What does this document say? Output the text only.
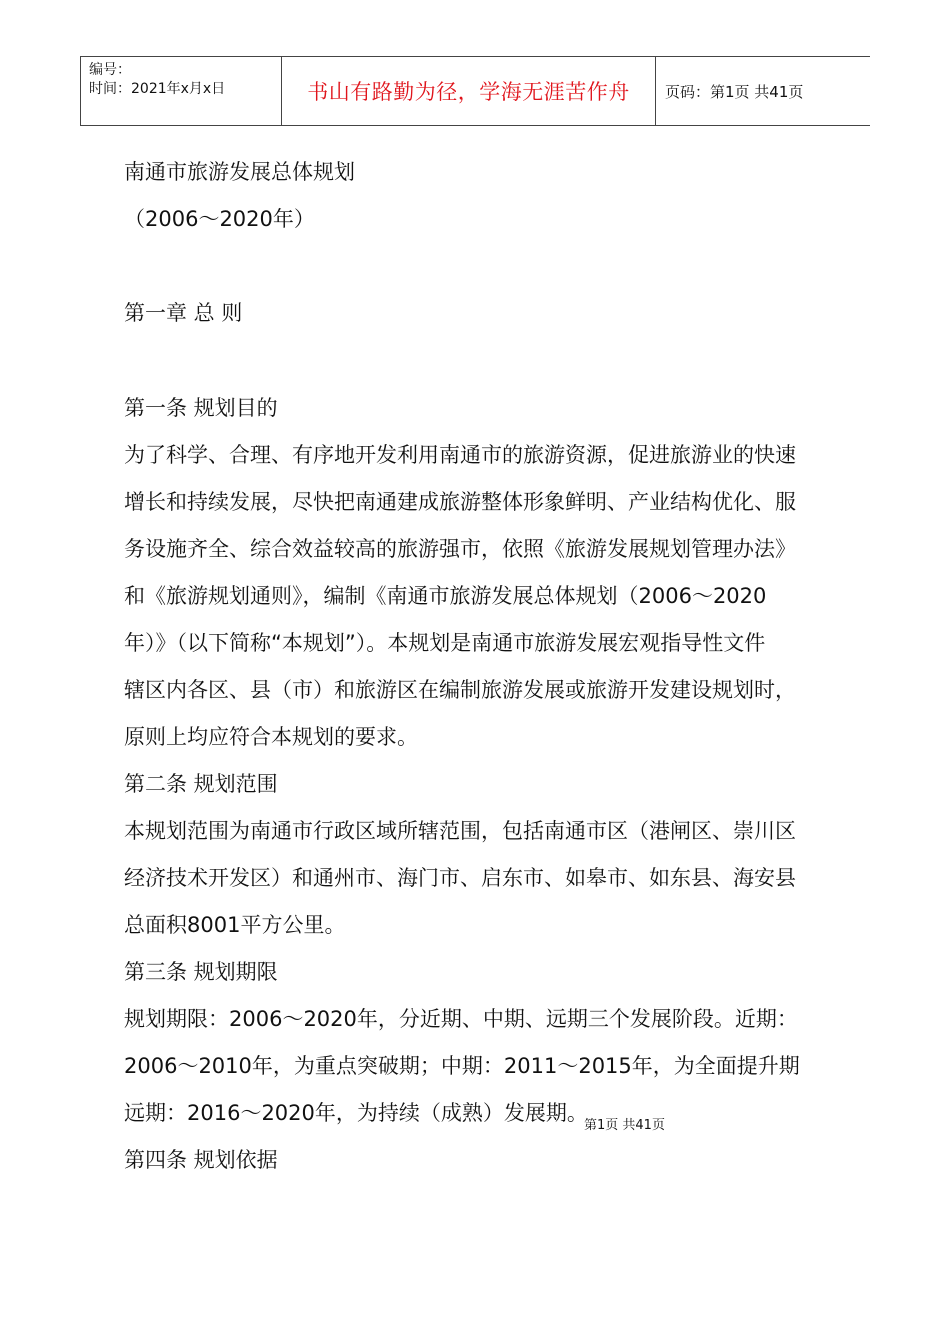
编号：
时间：2021年x月x日	书山有路勤为径，学海无涯苦作舟 页码：第1页 共41页
南通市旅游发展总体规划
（2006～2020年）
第一章 总 则
第一条 规划目的
为了科学、合理、有序地开发利用南通市的旅游资源，促进旅游业的快速
增长和持续发展，尽快把南通建成旅游整体形象鲜明、产业结构优化、服
务设施齐全、综合效益较高的旅游强市，依照《旅游发展规划管理办法》
和《旅游规划通则》，编制《南通市旅游发展总体规划（2006～2020
年）》（以下简称“本规划”）。本规划是南通市旅游发展宏观指导性文件
辖区内各区、县（市）和旅游区在编制旅游发展或旅游开发建设规划时，
原则上均应符合本规划的要求。
第二条 规划范围
本规划范围为南通市行政区域所辖范围，包括南通市区（港闸区、崇川区
经济技术开发区）和通州市、海门市、启东市、如皋市、如东县、海安县
总面积8001平方公里。
第三条 规划期限
规划期限：2006～2020年，分近期、中期、远期三个发展阶段。近期：
2006～2010年，为重点突破期；中期：2011～2015年，为全面提升期
远期：2016～2020年，为持续（成熟）发展期。
第四条 规划依据
第1页 共41页
